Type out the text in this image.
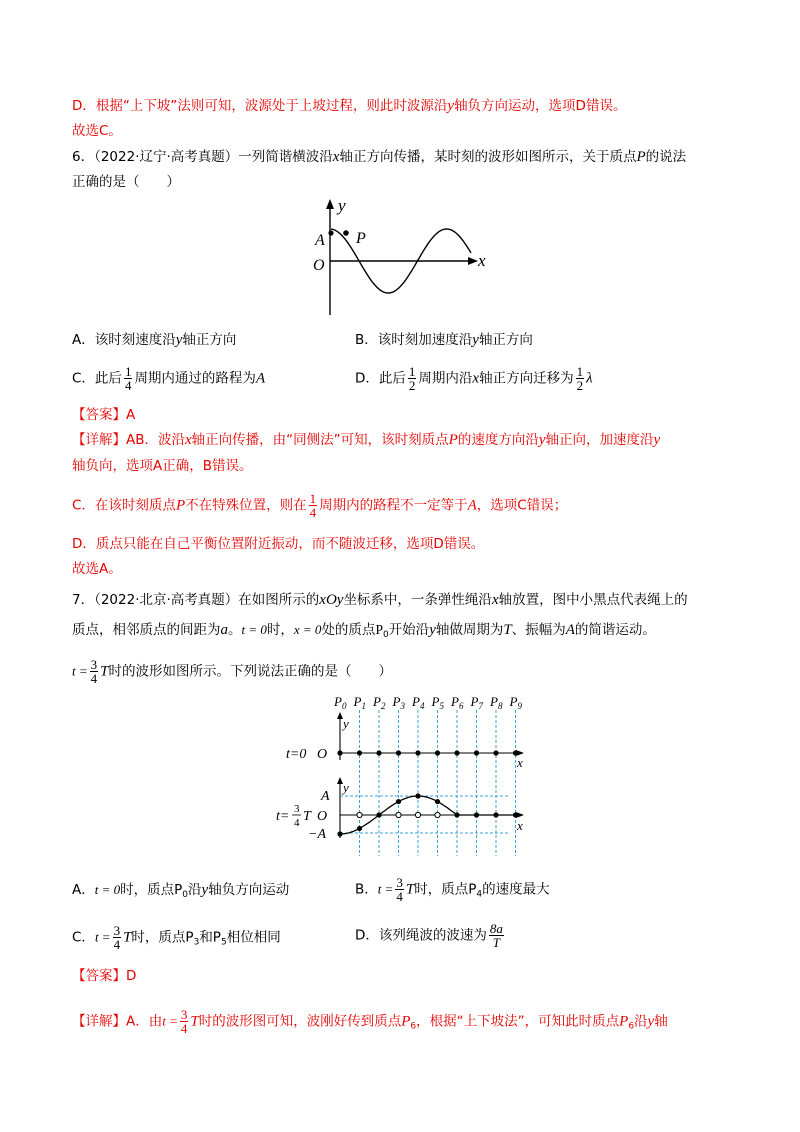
D．根据“上下坡”法则可知，波源处于上坡过程，则此时波源沿y轴负方向运动，选项D错误。
故选C。
6．（2022·辽宁·高考真题）一列简谐横波沿x轴正方向传播，某时刻的波形如图所示，关于质点P的说法
正确的是（　　）
y
A P
O	x
A．该时刻速度沿y轴正方向	B．该时刻加速度沿y轴正方向
C．此后 $\frac{1}{4}$ 周期内通过的路程为A	D．此后 $\frac{1}{2}$ 周期内沿x轴正方向迁移为 $\frac{1}{2}$ λ
【答案】A
【详解】AB．波沿x轴正向传播，由“同侧法”可知，该时刻质点P的速度方向沿y轴正向，加速度沿y
轴负向，选项A正确，B错误。
C．在该时刻质点P不在特殊位置，则在 $\frac{1}{4}$ 周期内的路程不一定等于A，选项C错误；
D．质点只能在自己平衡位置附近振动，而不随波迁移，选项D错误。
故选A。
7．（2022·北京·高考真题）在如图所示的xOy坐标系中，一条弹性绳沿x轴放置，图中小黑点代表绳上的
质点，相邻质点的间距为a。t = 0时，x = 0处的质点$P_0$开始沿y轴做周期为T、振幅为A的简谐运动。
$t = \frac{3}{4}$ T时的波形如图所示。下列说法正确的是（　　）
$P_0$ $P_1$ $P_2$ $P_3$ $P_4$ $P_5$ $P_6$ $P_7$ $P_8$ $P_9$
y
x
t=0 O
y
x
A
−A
O
t= 3
4 T
A．t = 0时，质点$P_0$沿y轴负方向运动	B．$t = \frac{3}{4}$ T时，质点$P_4$的速度最大
C．$t = \frac{3}{4}$ T时，质点$P_3$和$P_5$相位相同	D．该列绳波的波速为 $\frac{8a}{T}$
【答案】D
【详解】A．由$t = \frac{3}{4}$ T时的波形图可知，波刚好传到质点$P_6$，根据“上下坡法”，可知此时质点$P_6$沿y轴
